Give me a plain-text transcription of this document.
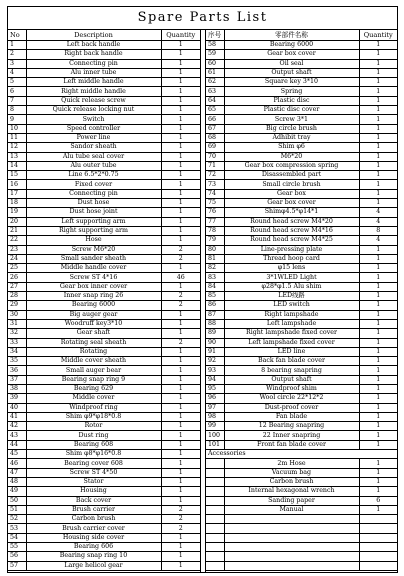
Spare Parts List
No	Description	Quantity
1	Left back handle	1
2	Right back handle	1
3	Connecting pin	1
4	Alu inner tube	1
5	Left middle handle	1
6	Right middle handle	1
7	Quick release screw	1
8	Quick release locking nut	1
9	Switch	1
10	Speed controller	1
11	Power line	1
12	Sandor sheath	1
13	Alu tube seal cover	1
14	Alu outer tube	1
15	Line 6.5*2*0.75	1
16	Fixed cover	1
17	Connecting pin	1
18	Dust hose	1
19	Dust hose joint	1
20	Left supporting arm	1
21	Right supporting arm	1
22	Hose	1
23	Screw M6*20	2
24	Small sander sheath	2
25	Middle handle cover	1
26	Screw ST 4*16	46
27	Gear box inner cover	1
28	Inner snap ring 26	2
29	Bearing 6000	2
30	Big auger gear	1
31	Woodruff key3*10	1
32	Gear shaft	1
33	Rotating seal sheath	2
34	Rotating	1
35	Middle cover sheath	1
36	Small auger bear	1
37	Bearing snap ring 9	1
38	Bearing 629	1
39	Middle cover	1
40	Windproof ring	1
41	Shim φ9*φ18*0.8	1
42	Rotor	1
43	Dust ring	1
44	Bearing 608	1
45	Shim φ8*φ16*0.8	1
46	Bearing cover 608	1
47	Screw ST 4*50	1
48	Stator	1
49	Housing	1
50	Back cover	1
51	Brush carrier	2
52	Carbon brush	2
53	Brush carrier cover	2
54	Housing side cover	1
55	Bearing 606	1
56	Bearing snap ring 10	1
57	Large helicol gear	1
序号	零部件名称	Quantity
58	Bearing 6000	1
59	Gear box cover	1
60	Oil seal	1
61	Output shaft	1
62	Square key 3*10	1
63	Spring	1
64	Plastic disc	1
65	Plastic disc cover	1
66	Screw 3*1	1
67	Big circle brush	1
68	Adhibit tray	1
69	Shim φ6	1
70	M6*20	1
71	Gear box compression spring	1
72	Disassembled part	1
73	Small circle brush	1
74	Gear box	1
75	Gear box cover	1
76	Shimφ4.5*φ14*1	4
77	Round head screw M4*20	4
78	Round head screw M4*16	8
79	Round head screw M4*25	4
80	Line-pressing plate	1
81	Thread hoop card	1
82	φ15 lens	1
83	3*1WLED Light	1
84	φ28*φ1.5 Alu shim	1
85	LED线路	1
86	LED switch	1
87	Right lampshade	1
88	Left lampshade	1
89	Right lampshade fixed cover	1
90	Left lampshade fixed cover	1
91	LED line	1
92	Back fan blade cover	1
93	8 bearing snapring	1
94	Output shaft	1
95	Windproof shim	1
96	Wool circle 22*12*2	1
97	Dust-proof cover	1
98	Fan blade	1
99	12 Bearing snapring	1
100	22 Inner snapring	1
101	Front fan blade cover	1
Accessories		
	2m Hose	1
	Vacuum bag	1
	Carbon brush	1
	Internal hexagonal wrench	1
	Sanding paper	6
	Manual	1
